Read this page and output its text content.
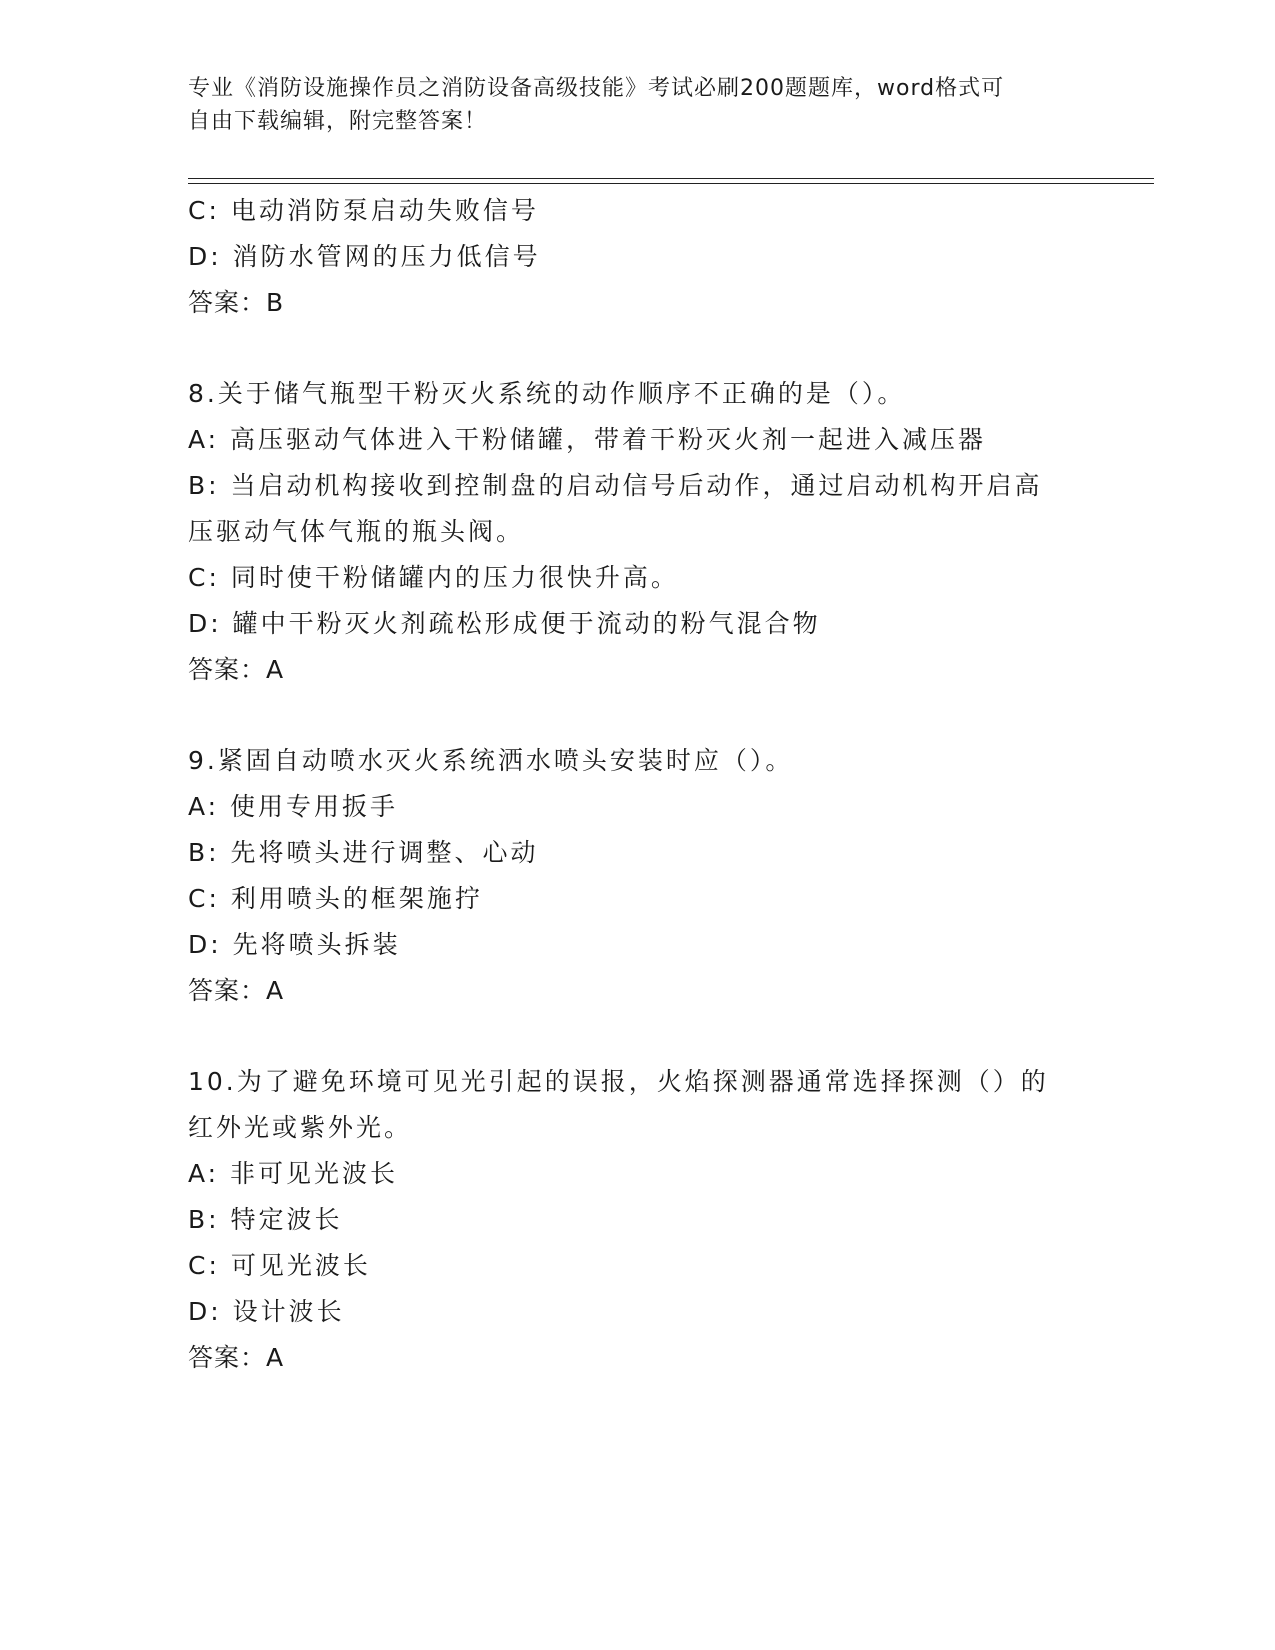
专业《消防设施操作员之消防设备高级技能》考试必刷200题题库，word格式可
自由下载编辑，附完整答案！
C: 电动消防泵启动失败信号
D: 消防水管网的压力低信号
答案：B
8.关于储气瓶型干粉灭火系统的动作顺序不正确的是（）。
A: 高压驱动气体进入干粉储罐，带着干粉灭火剂一起进入减压器
B: 当启动机构接收到控制盘的启动信号后动作，通过启动机构开启高
压驱动气体气瓶的瓶头阀。
C: 同时使干粉储罐内的压力很快升高。
D: 罐中干粉灭火剂疏松形成便于流动的粉气混合物
答案：A
9.紧固自动喷水灭火系统洒水喷头安装时应（）。
A: 使用专用扳手
B: 先将喷头进行调整、心动
C: 利用喷头的框架施拧
D: 先将喷头拆装
答案：A
10.为了避免环境可见光引起的误报，火焰探测器通常选择探测（）的
红外光或紫外光。
A: 非可见光波长
B: 特定波长
C: 可见光波长
D: 设计波长
答案：A
